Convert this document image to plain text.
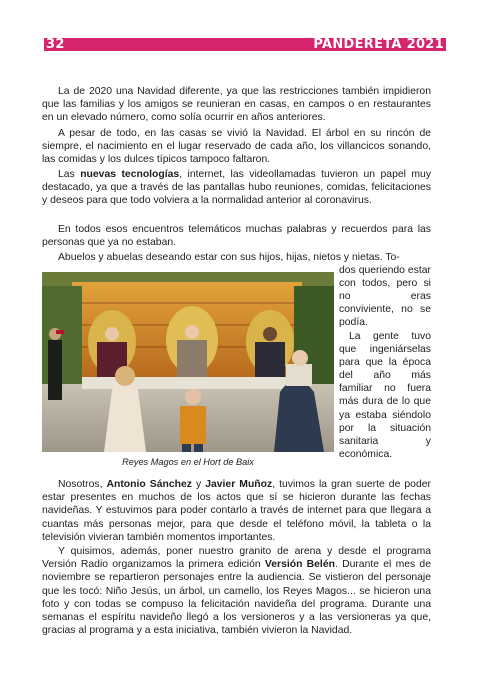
32	PANDERETA 2021
La de 2020 una Navidad diferente, ya que las restricciones también impidieron que las familias y los amigos se reunieran en casas, en campos o en restaurantes en un elevado número, como solía ocurrir en años anteriores.
A pesar de todo, en las casas se vivió la Navidad. El árbol en su rincón de siempre, el nacimiento en el lugar reservado de cada año, los villancicos sonando, las comidas y los dulces típicos tampoco faltaron.
Las nuevas tecnologías, internet, las videollamadas tuvieron un papel muy destacado, ya que a través de las pantallas hubo reuniones, comidas, felicitaciones y deseos para que todo volviera a la normalidad anterior al coronavirus.
En todos esos encuentros telemáticos muchas palabras y recuerdos para las personas que ya no estaban.
Abuelos y abuelas deseando estar con sus hijos, hijas, nietos y nietas. To-
Reyes Magos en el Hort de Baix
dos queriendo estar con todos, pero si no eras conviviente, no se podía.
La gente tuvo que ingeniárselas para que la época del año más familiar no fuera más dura de lo que ya estaba siéndolo por la situación sanitaria y económica.
Nosotros, Antonio Sánchez y Javier Muñoz, tuvimos la gran suerte de poder estar presentes en muchos de los actos que sí se hicieron durante las fechas navideñas. Y estuvimos para poder contarlo a través de internet para que llegara a cuantas más personas mejor, para que desde el teléfono móvil, la tableta o la televisión vivieran también momentos importantes.
Y quisimos, además, poner nuestro granito de arena y desde el programa Versión Radio organizamos la primera edición Versión Belén. Durante el mes de noviembre se repartieron personajes entre la audiencia. Se vistieron del personaje que les tocó: Niño Jesús, un árbol, un camello, los Reyes Magos... se hicieron una foto y con todas se compuso la felicitación navideña del programa. Durante una semanas el espíritu navideño llegó a los versioneros y a las versioneras ya que, gracias al programa y a esta iniciativa, también vivieron la Navidad.
